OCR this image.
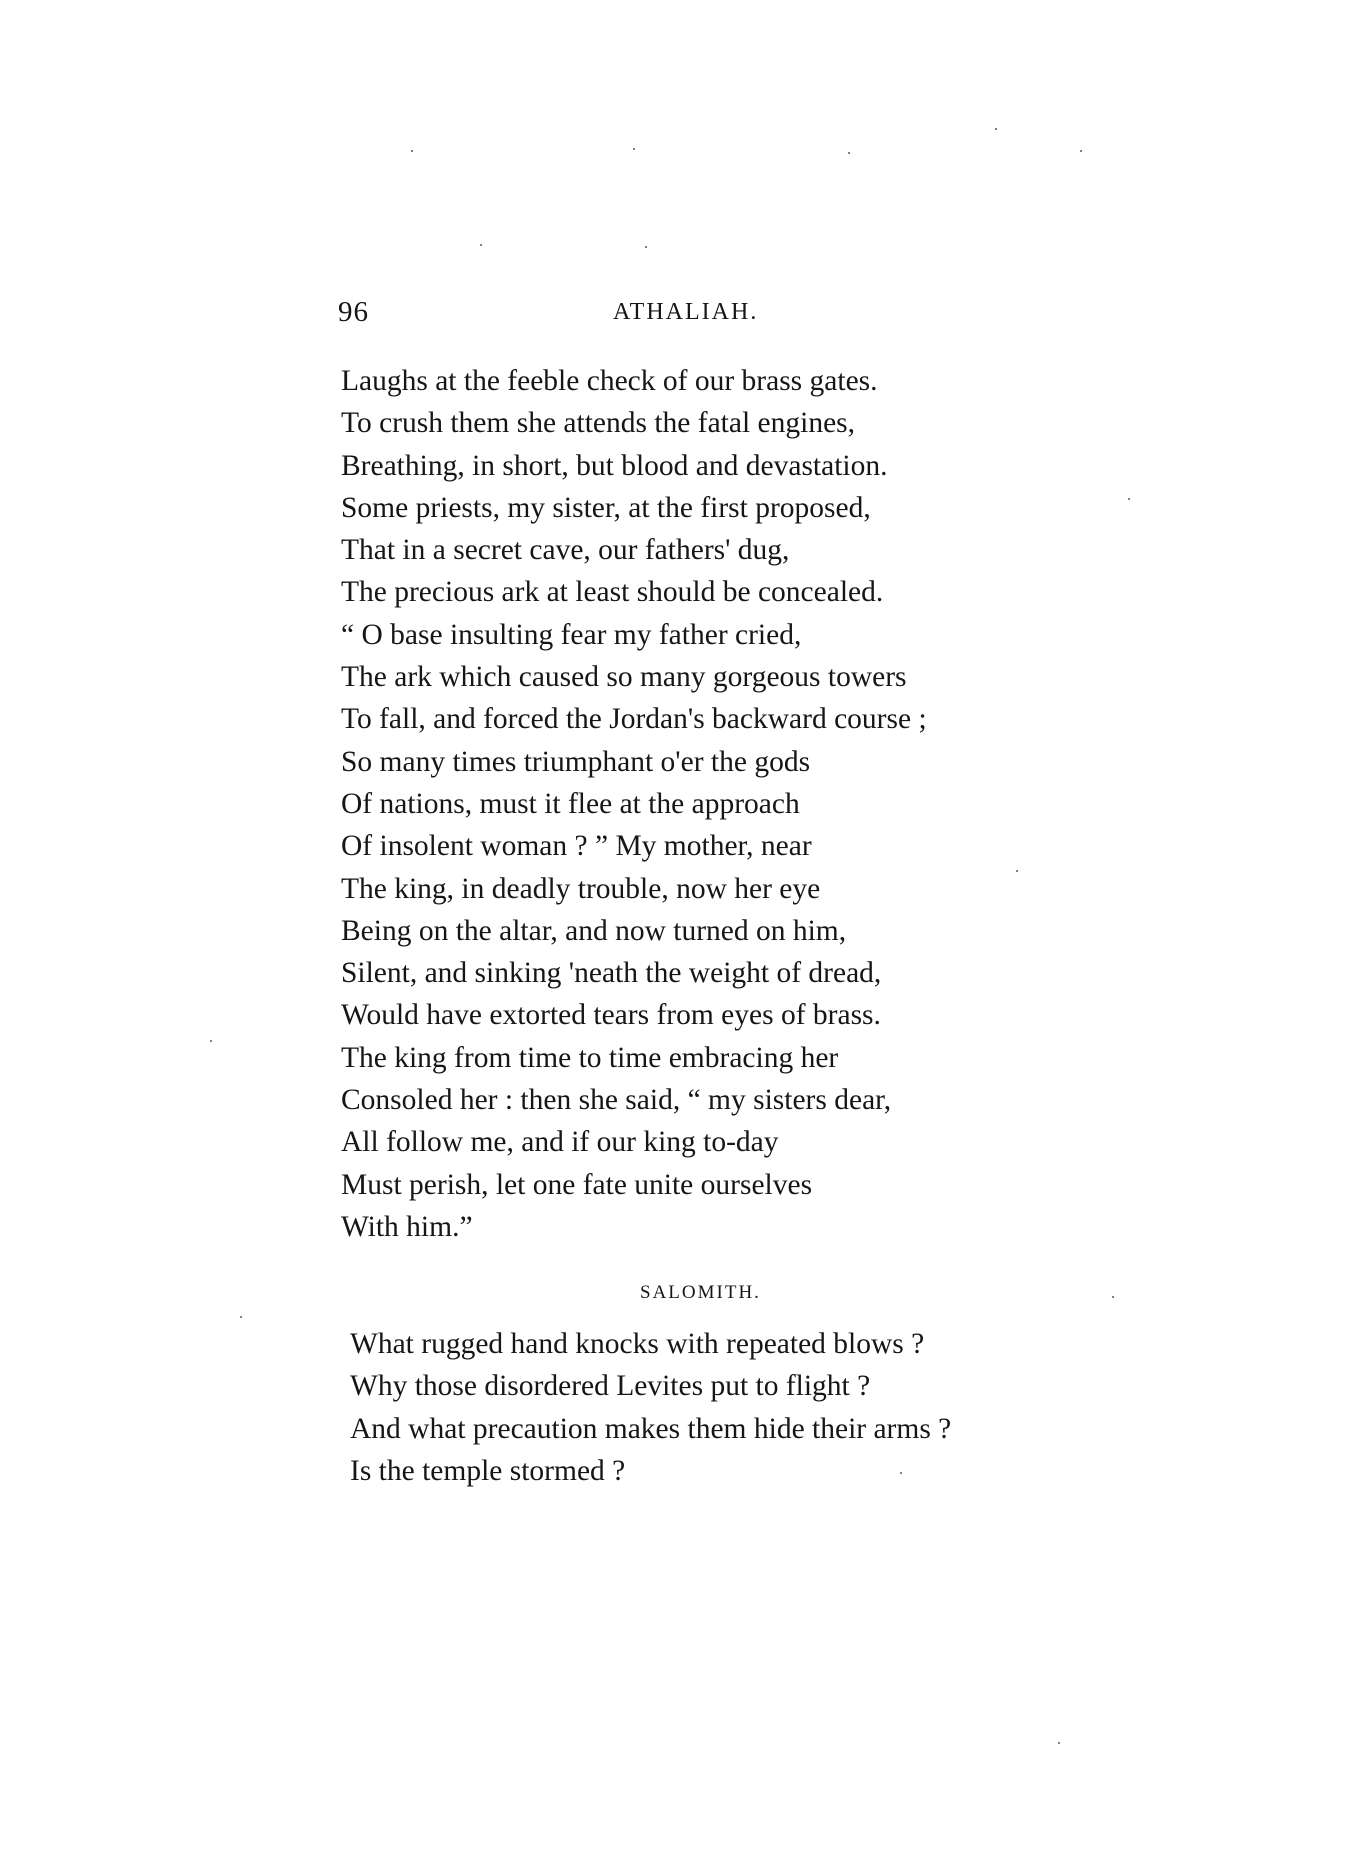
96	ATHALIAH.
Laughs at the feeble check of our brass gates.
To crush them she attends the fatal engines,
Breathing, in short, but blood and devastation.
Some priests, my sister, at the first proposed,
That in a secret cave, our fathers' dug,
The precious ark at least should be concealed.
“ O base insulting fear my father cried,
The ark which caused so many gorgeous towers
To fall, and forced the Jordan's backward course ;
So many times triumphant o'er the gods
Of nations, must it flee at the approach
Of insolent woman ? ” My mother, near
The king, in deadly trouble, now her eye
Being on the altar, and now turned on him,
Silent, and sinking 'neath the weight of dread,
Would have extorted tears from eyes of brass.
The king from time to time embracing her
Consoled her : then she said, “ my sisters dear,
All follow me, and if our king to-day
Must perish, let one fate unite ourselves
With him.”
SALOMITH.
What rugged hand knocks with repeated blows ?
Why those disordered Levites put to flight ?
And what precaution makes them hide their arms ?
Is the temple stormed ?
